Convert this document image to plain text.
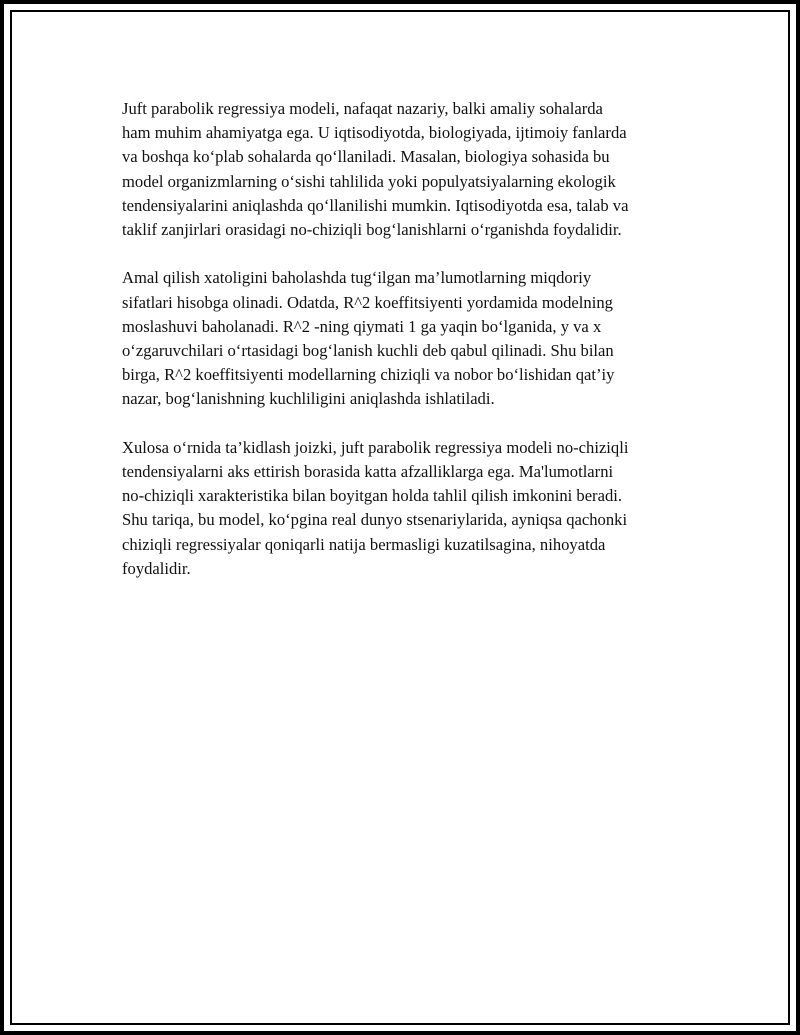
Juft parabolik regressiya modeli, nafaqat nazariy, balki amaliy sohalarda
ham muhim ahamiyatga ega. U iqtisodiyotda, biologiyada, ijtimoiy fanlarda
va boshqa ko‘plab sohalarda qo‘llaniladi. Masalan, biologiya sohasida bu
model organizmlarning o‘sishi tahlilida yoki populyatsiyalarning ekologik
tendensiyalarini aniqlashda qo‘llanilishi mumkin. Iqtisodiyotda esa, talab va
taklif zanjirlari orasidagi no-chiziqli bog‘lanishlarni o‘rganishda foydalidir.

Amal qilish xatoligini baholashda tug‘ilgan ma’lumotlarning miqdoriy
sifatlari hisobga olinadi. Odatda, R^2 koeffitsiyenti yordamida modelning
moslashuvi baholanadi. R^2 -ning qiymati 1 ga yaqin bo‘lganida, y va x
o‘zgaruvchilari o‘rtasidagi bog‘lanish kuchli deb qabul qilinadi. Shu bilan
birga, R^2 koeffitsiyenti modellarning chiziqli va nobor bo‘lishidan qat’iy
nazar, bog‘lanishning kuchliligini aniqlashda ishlatiladi.

Xulosa o‘rnida ta’kidlash joizki, juft parabolik regressiya modeli no-chiziqli
tendensiyalarni aks ettirish borasida katta afzalliklarga ega. Ma'lumotlarni
no-chiziqli xarakteristika bilan boyitgan holda tahlil qilish imkonini beradi.
Shu tariqa, bu model, ko‘pgina real dunyo stsenariylarida, ayniqsa qachonki
chiziqli regressiyalar qoniqarli natija bermasligi kuzatilsagina, nihoyatda
foydalidir.
